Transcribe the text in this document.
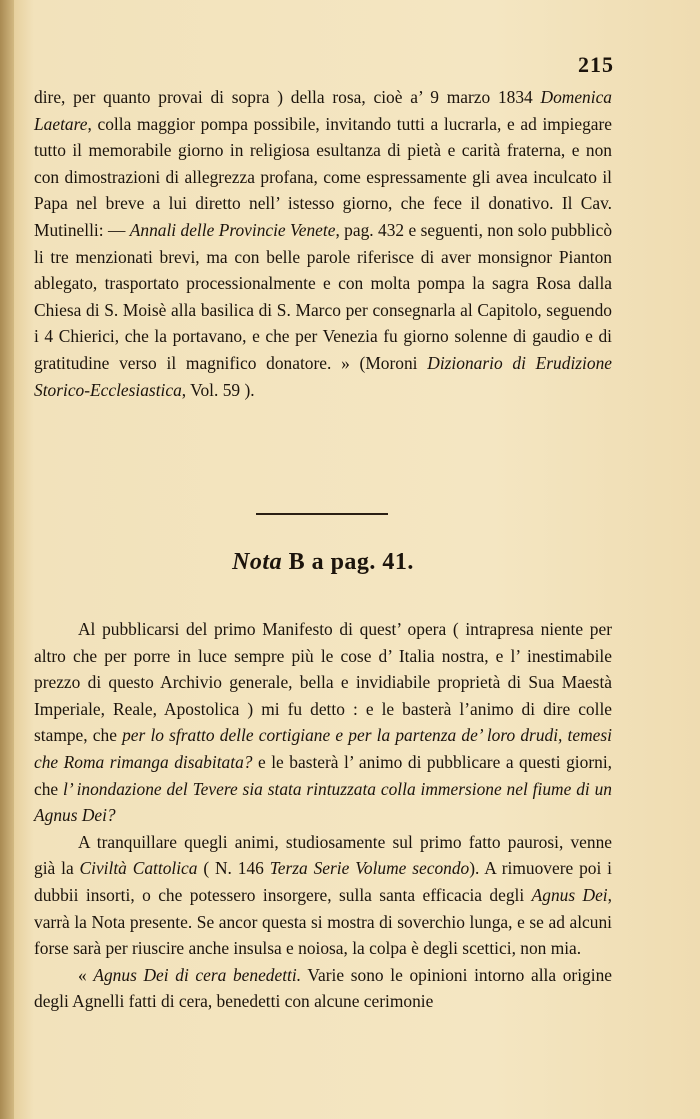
215

dire, per quanto provai di sopra ) della rosa, cioè a’ 9 marzo 1834 Domenica Laetare, colla maggior pompa possibile, invitando tutti a lucrarla, e ad impiegare tutto il memorabile giorno in religiosa esultanza di pietà e carità fraterna, e non con dimostrazioni di allegrezza profana, come espressamente gli avea inculcato il Papa nel breve a lui diretto nell’ istesso giorno, che fece il donativo. Il Cav. Mutinelli: — Annali delle Provincie Venete, pag. 432 e seguenti, non solo pubblicò li tre menzionati brevi, ma con belle parole riferisce di aver monsignor Pianton ablegato, trasportato processionalmente e con molta pompa la sagra Rosa dalla Chiesa di S. Moisè alla basilica di S. Marco per consegnarla al Capitolo, seguendo i 4 Chierici, che la portavano, e che per Venezia fu giorno solenne di gaudio e di gratitudine verso il magnifico donatore. » (Moroni Dizionario di Erudizione Storico-Ecclesiastica, Vol. 59 ).

Nota B a pag. 41.

Al pubblicarsi del primo Manifesto di quest’ opera ( intrapresa niente per altro che per porre in luce sempre più le cose d’ Italia nostra, e l’ inestimabile prezzo di questo Archivio generale, bella e invidiabile proprietà di Sua Maestà Imperiale, Reale, Apostolica ) mi fu detto : e le basterà l’animo di dire colle stampe, che per lo sfratto delle cortigiane e per la partenza de’ loro drudi, temesi che Roma rimanga disabitata? e le basterà l’ animo di pubblicare a questi giorni, che l’ inondazione del Tevere sia stata rintuzzata colla immersione nel fiume di un Agnus Dei?

A tranquillare quegli animi, studiosamente sul primo fatto paurosi, venne già la Civiltà Cattolica ( N. 146 Terza Serie Volume secondo). A rimuovere poi i dubbii insorti, o che potessero insorgere, sulla santa efficacia degli Agnus Dei, varrà la Nota presente. Se ancor questa si mostra di soverchio lunga, e se ad alcuni forse sarà per riuscire anche insulsa e noiosa, la colpa è degli scettici, non mia.

« Agnus Dei di cera benedetti. Varie sono le opinioni intorno alla origine degli Agnelli fatti di cera, benedetti con alcune cerimonie
